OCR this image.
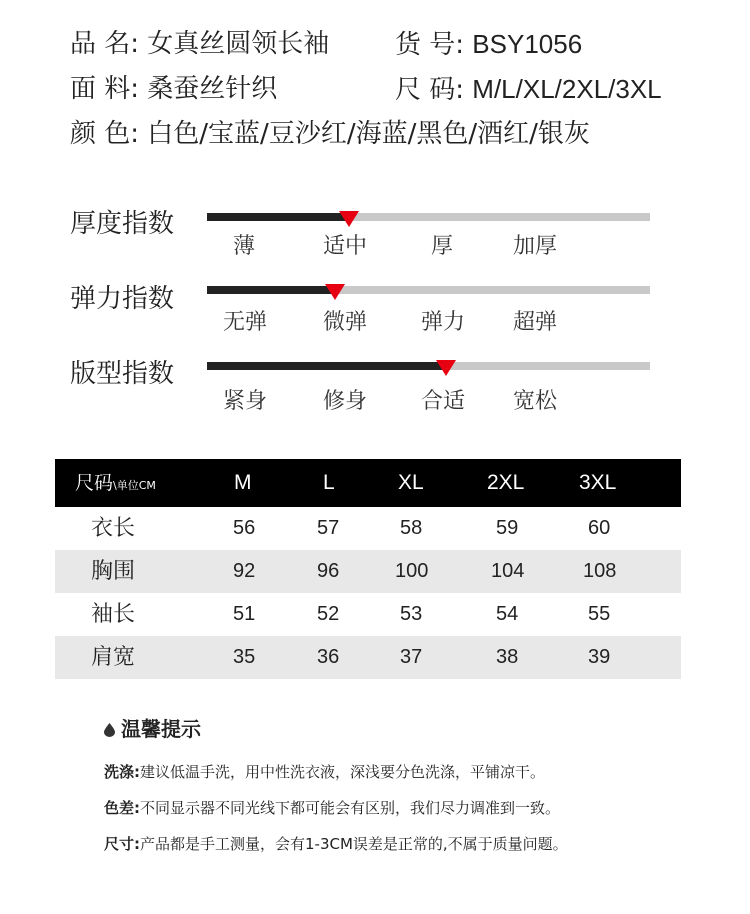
品 名: 女真丝圆领长袖	货 号: BSY1056
面 料: 桑蚕丝针织	尺 码: M/L/XL/2XL/3XL
颜 色: 白色/宝蓝/豆沙红/海蓝/黑色/酒红/银灰
厚度指数
薄	适中	厚	加厚
弹力指数
无弹	微弹 弹力 超弹
版型指数
紧身	修身 合适 宽松
尺码\单位CM	M	L	XL	2XL	3XL
衣长	56	57	58	59	60
胸围	92	96	100	104	108
袖长	51	52	53	54	55
肩宽	35	36	37	38	39
温馨提示
洗涤:建议低温手洗，用中性洗衣液，深浅要分色洗涤，平铺凉干。
色差:不同显示器不同光线下都可能会有区别，我们尽力调准到一致。
尺寸:产品都是手工测量，会有1-3CM误差是正常的,不属于质量问题。
